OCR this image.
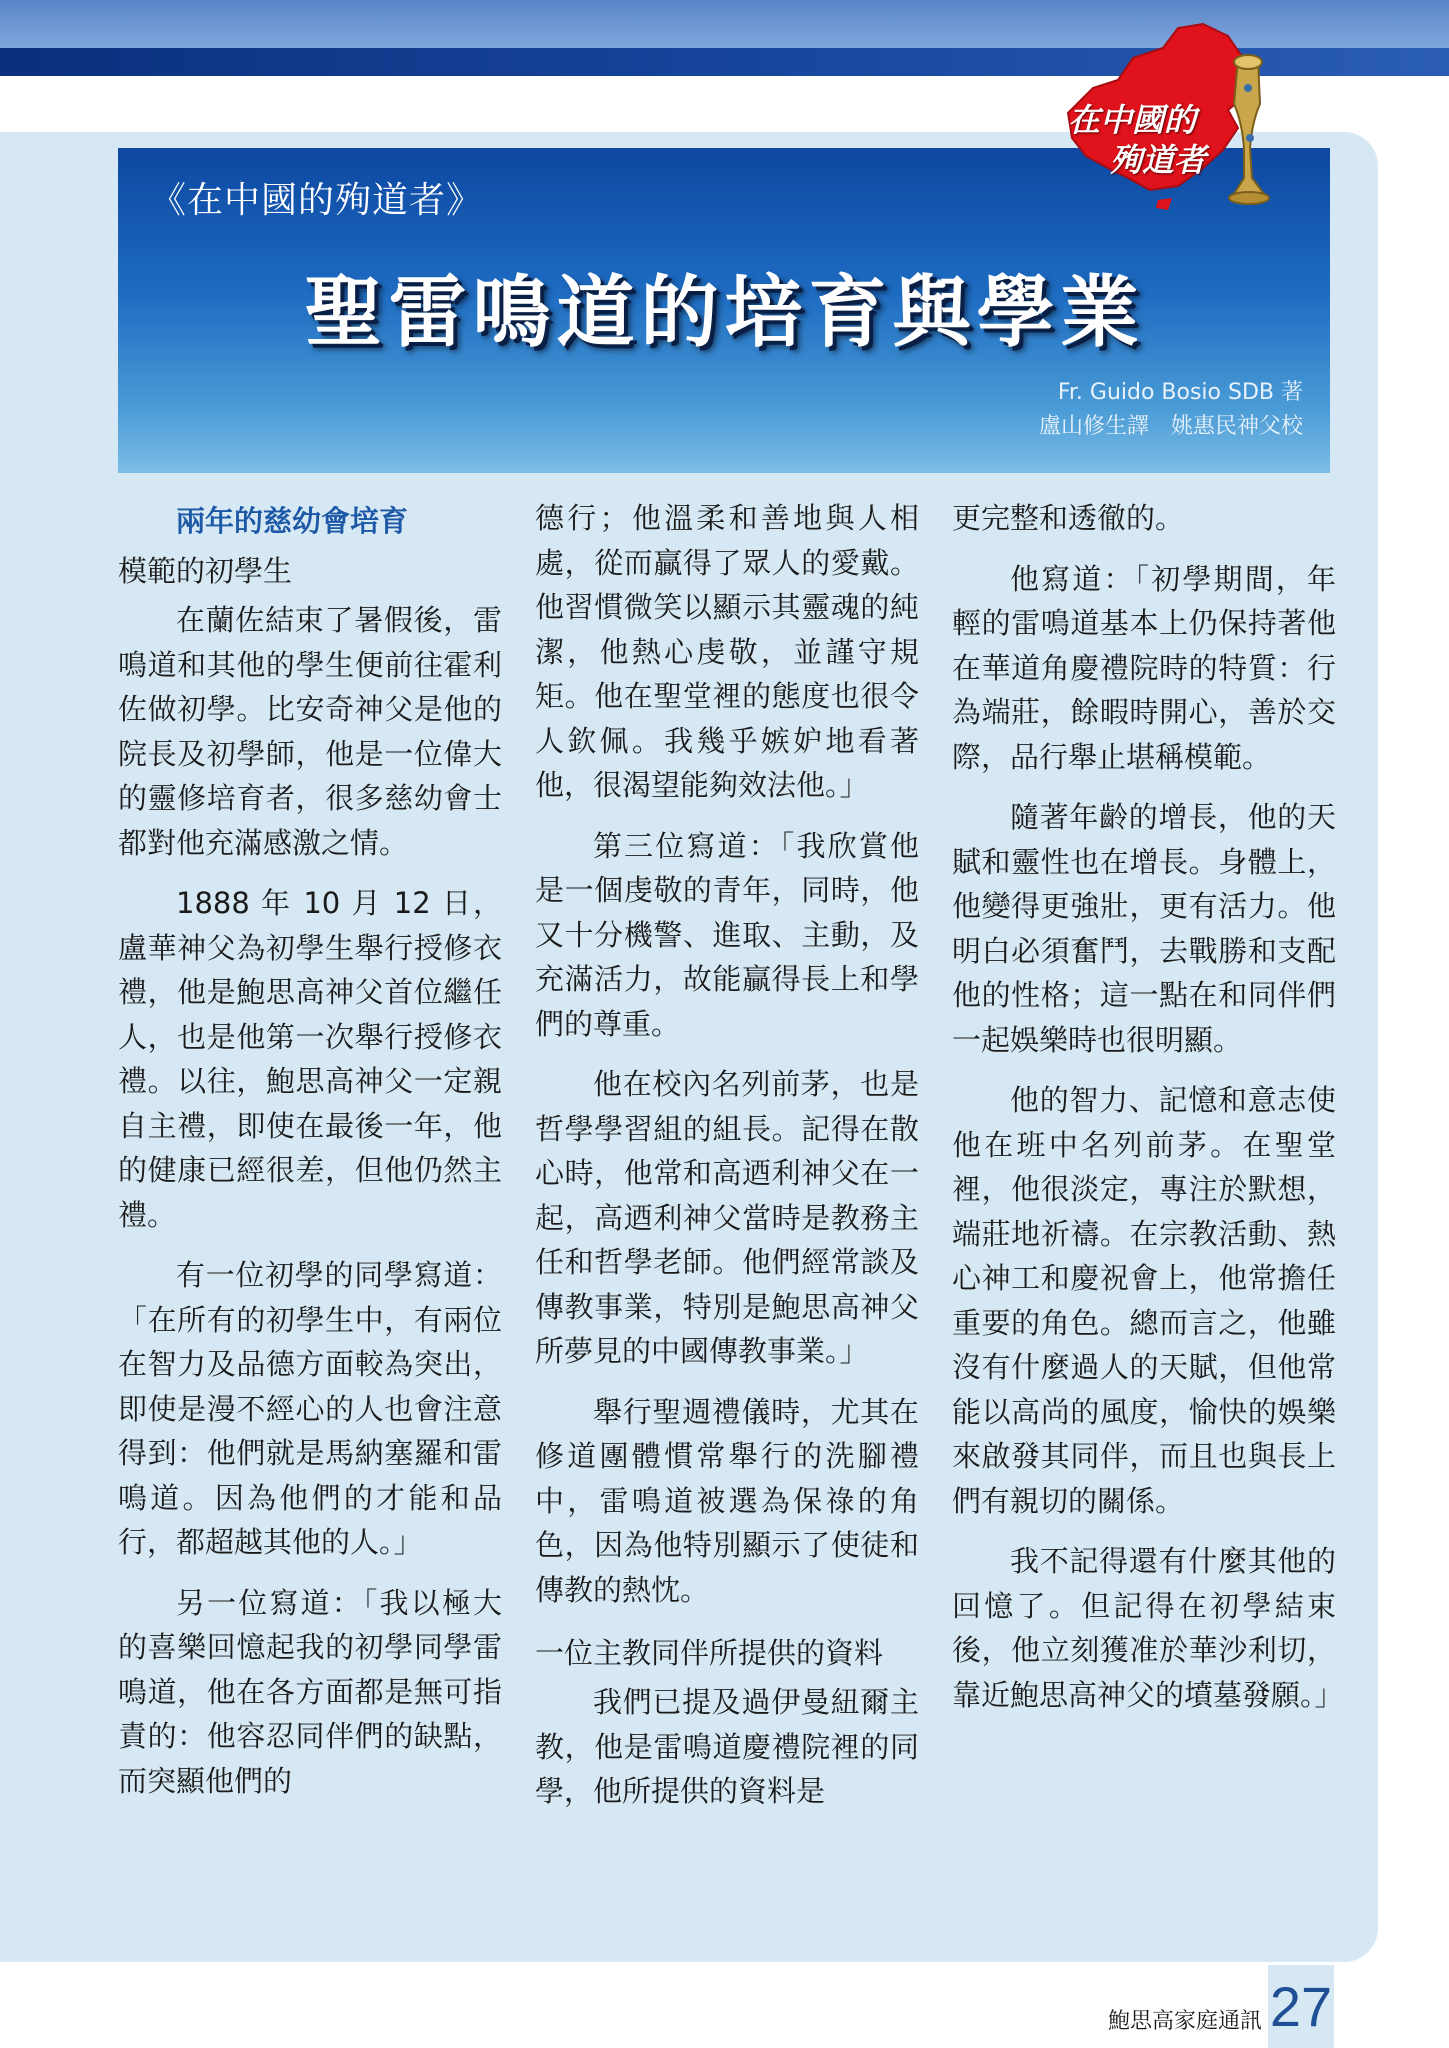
《在中國的殉道者》
聖雷鳴道的培育與學業
Fr. Guido Bosio SDB 著
盧山修生譯　姚惠民神父校
在中國的
殉道者
兩年的慈幼會培育
模範的初學生

在蘭佐結束了暑假後，雷鳴道和其他的學生便前往霍利佐做初學。比安奇神父是他的院長及初學師，他是一位偉大的靈修培育者，很多慈幼會士都對他充滿感激之情。

1888 年 10 月 12 日，盧華神父為初學生舉行授修衣禮，他是鮑思高神父首位繼任人，也是他第一次舉行授修衣禮。以往，鮑思高神父一定親自主禮，即使在最後一年，他的健康已經很差，但他仍然主禮。

有一位初學的同學寫道：「在所有的初學生中，有兩位在智力及品德方面較為突出，即使是漫不經心的人也會注意得到：他們就是馬納塞羅和雷鳴道。因為他們的才能和品行，都超越其他的人。」

另一位寫道：「我以極大的喜樂回憶起我的初學同學雷鳴道，他在各方面都是無可指責的：他容忍同伴們的缺點，而突顯他們的

德行；他溫柔和善地與人相處，從而贏得了眾人的愛戴。他習慣微笑以顯示其靈魂的純潔，他熱心虔敬，並謹守規矩。他在聖堂裡的態度也很令人欽佩。我幾乎嫉妒地看著他，很渴望能夠效法他。」

第三位寫道：「我欣賞他是一個虔敬的青年，同時，他又十分機警、進取、主動，及充滿活力，故能贏得長上和學們的尊重。

他在校內名列前茅，也是哲學學習組的組長。記得在散心時，他常和高迺利神父在一起，高迺利神父當時是教務主任和哲學老師。他們經常談及傳教事業，特別是鮑思高神父所夢見的中國傳教事業。」

舉行聖週禮儀時，尤其在修道團體慣常舉行的洗腳禮中，雷鳴道被選為保祿的角色，因為他特別顯示了使徒和傳教的熱忱。

一位主教同伴所提供的資料

我們已提及過伊曼紐爾主教，他是雷鳴道慶禮院裡的同學，他所提供的資料是

更完整和透徹的。

他寫道：「初學期間，年輕的雷鳴道基本上仍保持著他在華道角慶禮院時的特質：行為端莊，餘暇時開心，善於交際，品行舉止堪稱模範。

隨著年齡的增長，他的天賦和靈性也在增長。身體上，他變得更強壯，更有活力。他明白必須奮鬥，去戰勝和支配他的性格；這一點在和同伴們一起娛樂時也很明顯。

他的智力、記憶和意志使他在班中名列前茅。在聖堂裡，他很淡定，專注於默想，端莊地祈禱。在宗教活動、熱心神工和慶祝會上，他常擔任重要的角色。總而言之，他雖沒有什麼過人的天賦，但他常能以高尚的風度，愉快的娛樂來啟發其同伴，而且也與長上們有親切的關係。

我不記得還有什麼其他的回憶了。但記得在初學結束後，他立刻獲准於華沙利切，靠近鮑思高神父的墳墓發願。」

鮑思高家庭通訊 27
